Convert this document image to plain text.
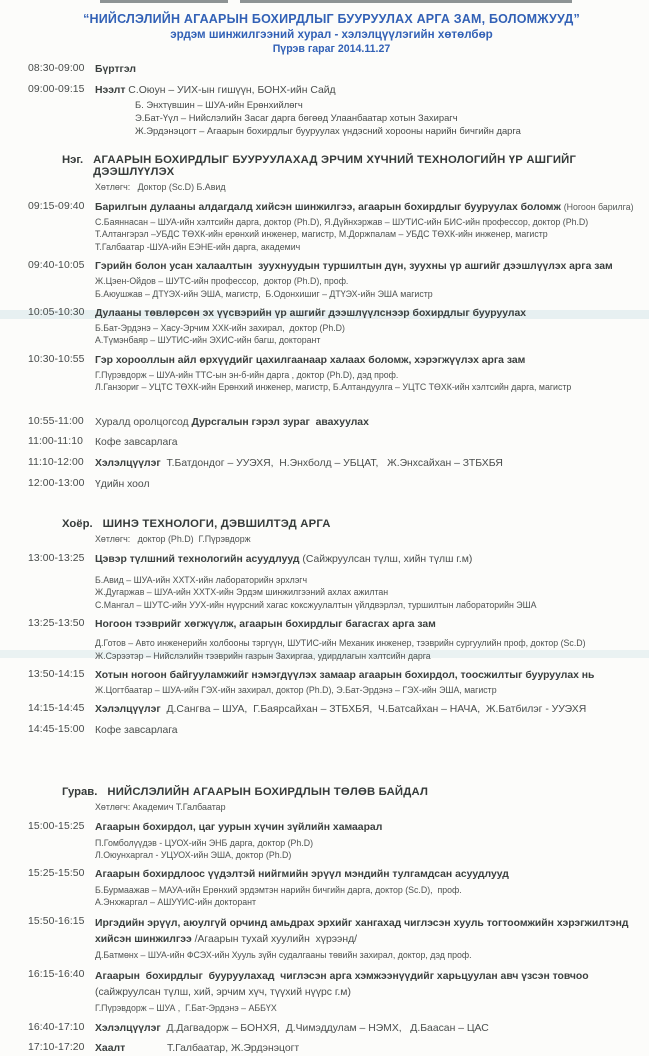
“НИЙСЛЭЛИЙН АГААРЫН БОХИРДЛЫГ БУУРУУЛАХ АРГА ЗАМ, БОЛОМЖУУД”
эрдэм шинжилгээний хурал - хэлэлцүүлэгийн хөтөлбөр
Пүрэв гараг 2014.11.27
08:30-09:00	Бүртгэл
09:00-09:15	Нээлт С.Оюун – УИХ-ын гишүүн, БОНХ-ийн Сайд
Б. Энхтүвшин – ШУА-ийн Ерөнхийлөгч
Э.Бат-Үүл – Нийслэлийн Засаг дарга бөгөөд Улаанбаатар хотын Захирагч
Ж.Эрдэнэцогт – Агаарын бохирдлыг бууруулах үндэсний хорооны нарийн бичгийн дарга
Нэг. АГААРЫН БОХИРДЛЫГ БУУРУУЛАХАД ЭРЧИМ ХҮЧНИЙ ТЕХНОЛОГИЙН ҮР АШГИЙГ ДЭЭШЛҮҮЛЭХ
Хөтлөгч:   Доктор (Sc.D) Б.Авид
09:15-09:40	Барилгын дулааны алдагдалд хийсэн шинжилгээ, агаарын бохирдлыг бууруулах боломж (Ногоон барилга)
С.Баяннасан – ШУА-ийн хэлтсийн дарга, доктор (Ph.D), Я.Дүйнхэржав – ШУТИС-ийн БИС-ийн профессор, доктор (Ph.D)
Т.Алтангэрэл –УБДС ТӨХК-ийн ерөнхий инженер, магистр, М.Доржпалам – УБДС ТӨХК-ийн инженер, магистр
Т.Галбаатар -ШУА-ийн ЕЭНЕ-ийн дарга, академич
09:40-10:05	Гэрийн болон усан халаалтын  зуухнуудын туршилтын дүн, зуухны үр ашгийг дээшлүүлэх арга зам
Ж.Цэен-Ойдов – ШУТС-ийн профессор,  доктор (Ph.D), проф.
Б.Аюушжав – ДТҮЭХ-ийн ЭША, магистр,  Б.Одонхишиг – ДТҮЭХ-ийн ЭША магистр
10:05-10:30	Дулааны төвлөрсөн эх үүсвэрийн үр ашгийг дээшлүүлснээр бохирдлыг бууруулах
Б.Бат-Эрдэнэ – Хасу-Эрчим ХХК-ийн захирал,  доктор (Ph.D)
А.Түмэнбаяр – ШУТИС-ийн ЭХИС-ийн багш, докторант
10:30-10:55	Гэр хорооллын айл өрхүүдийг цахилгаанаар халаах боломж, хэрэгжүүлэх арга зам
Г.Пүрэвдорж – ШУА-ийн ТТС-ын эн-б-ийн дарга , доктор (Ph.D), дэд проф.
Л.Ганзориг – УЦТС ТӨХК-ийн Ерөнхий инженер, магистр, Б.Алтандуулга – УЦТС ТӨХК-ийн хэлтсийн дарга, магистр
10:55-11:00	Хуралд оролцогсод Дурсгалын гэрэл зураг  авахуулах
11:00-11:10	Кофе завсарлага
11:10-12:00	Хэлэлцүүлэг  Т.Батдондог – УУЭХЯ,  Н.Энхболд – УБЦАТ,   Ж.Энхсайхан – ЗТБХБЯ
12:00-13:00	Үдийн хоол
Хоёр. ШИНЭ ТЕХНОЛОГИ, ДЭВШИЛТЭД АРГА
Хөтлөгч:   доктор (Ph.D)  Г.Пүрэвдорж
13:00-13:25	Цэвэр түлшний технологийн асуудлууд (Сайжруулсан түлш, хийн түлш г.м)
Б.Авид – ШУА-ийн ХХТХ-ийн лабораторийн эрхлэгч
Ж.Дугаржав – ШУА-ийн ХХТХ-ийн Эрдэм шинжилгээний ахлах ажилтан
С.Мангал – ШУТС-ийн УУХ-ийн нүүрсний хагас коксжуулалтын үйлдвэрлэл, туршилтын лабораторийн ЭША
13:25-13:50	Ногоон тээврийг хөгжүүлж, агаарын бохирдлыг багасгах арга зам
Д.Готов – Авто инженерийн холбооны тэргүүн, ШУТИС-ийн Механик инженер, тээврийн сургуулийн проф, доктор (Sc.D)
Ж.Сэрээтэр – Нийслэлийн тээврийн газрын Захиргаа, удирдлагын хэлтсийн дарга
13:50-14:15	Хотын ногоон байгууламжийг нэмэгдүүлэх замаар агаарын бохирдол, тоосжилтыг бууруулах нь
Ж.Цогтбаатар – ШУА-ийн ГЭХ-ийн захирал, доктор (Ph.D), Э.Бат-Эрдэнэ – ГЭХ-ийн ЭША, магистр
14:15-14:45	Хэлэлцүүлэг  Д.Сангва – ШУА,  Г.Баярсайхан – ЗТБХБЯ,  Ч.Батсайхан – НАЧА,  Ж.Батбилэг - УУЭХЯ
14:45-15:00	Кофе завсарлага
Гурав. НИЙСЛЭЛИЙН АГААРЫН БОХИРДЛЫН ТӨЛӨВ БАЙДАЛ
Хөтлөгч: Академич Т.Галбаатар
15:00-15:25	Агаарын бохирдол, цаг уурын хүчин зүйлийн хамаарал
П.Гомболүүдэв - ЦУОХ-ийн ЭНБ дарга, доктор (Ph.D)
Л.Оюунхаргал - УЦУОХ-ийн ЭША, доктор (Ph.D)
15:25-15:50	Агаарын бохирдлоос үүдэлтэй нийгмийн эрүүл мэндийн тулгамдсан асуудлууд
Б.Бурмаажав – МАУА-ийн Ерөнхий эрдэмтэн нарийн бичгийн дарга, доктор (Sc.D),  проф.
А.Энхжаргал – АШУҮИС-ийн докторант
15:50-16:15	Иргэдийн эрүүл, аюулгүй орчинд амьдрах эрхийг хангахад чиглэсэн хууль тогтоомжийн хэрэгжилтэнд хийсэн шинжилгээ /Агаарын тухай хуулийн  хүрээнд/
Д.Батмөнх – ШУА-ийн ФСЭХ-ийн Хууль зүйн судалгааны төвийн захирал, доктор, дэд проф.
16:15-16:40	Агаарын  бохирдлыг  бууруулахад  чиглэсэн арга хэмжээнүүдийг харьцуулан авч үзсэн товчоо (сайжруулсан түлш, хий, эрчим хүч, түүхий нүүрс г.м)
Г.Пүрэвдорж – ШУА ,  Г.Бат-Эрдэнэ – АББҮХ
16:40-17:10	Хэлэлцүүлэг  Д.Дагвадорж – БОНХЯ,  Д.Чимэддулам – НЭМХ,   Д.Баасан – ЦАС
17:10-17:20	Хаалт	Т.Галбаатар, Ж.Эрдэнэцогт
